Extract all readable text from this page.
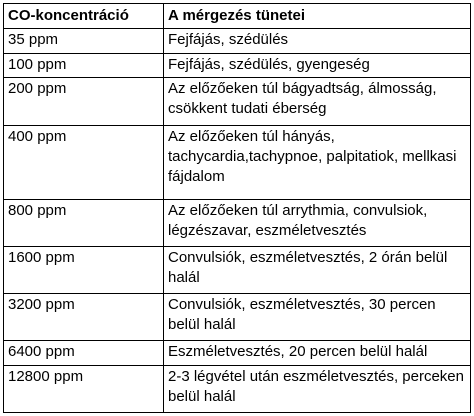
CO-koncentráció	A mérgezés tünetei
35 ppm	Fejfájás, szédülés
100 ppm	Fejfájás, szédülés, gyengeség
200 ppm	Az előzőeken túl bágyadtság, álmosság, csökkent tudati éberség
400 ppm	Az előzőeken túl hányás, tachycardia,tachypnoe, palpitatiok, mellkasi fájdalom
800 ppm	Az előzőeken túl arrythmia, convulsiok, légzészavar, eszméletvesztés
1600 ppm	Convulsiók, eszméletvesztés, 2 órán belül halál
3200 ppm	Convulsiók, eszméletvesztés, 30 percen belül halál
6400 ppm	Eszméletvesztés, 20 percen belül halál
12800 ppm	2-3 légvétel után eszméletvesztés, perceken belül halál
